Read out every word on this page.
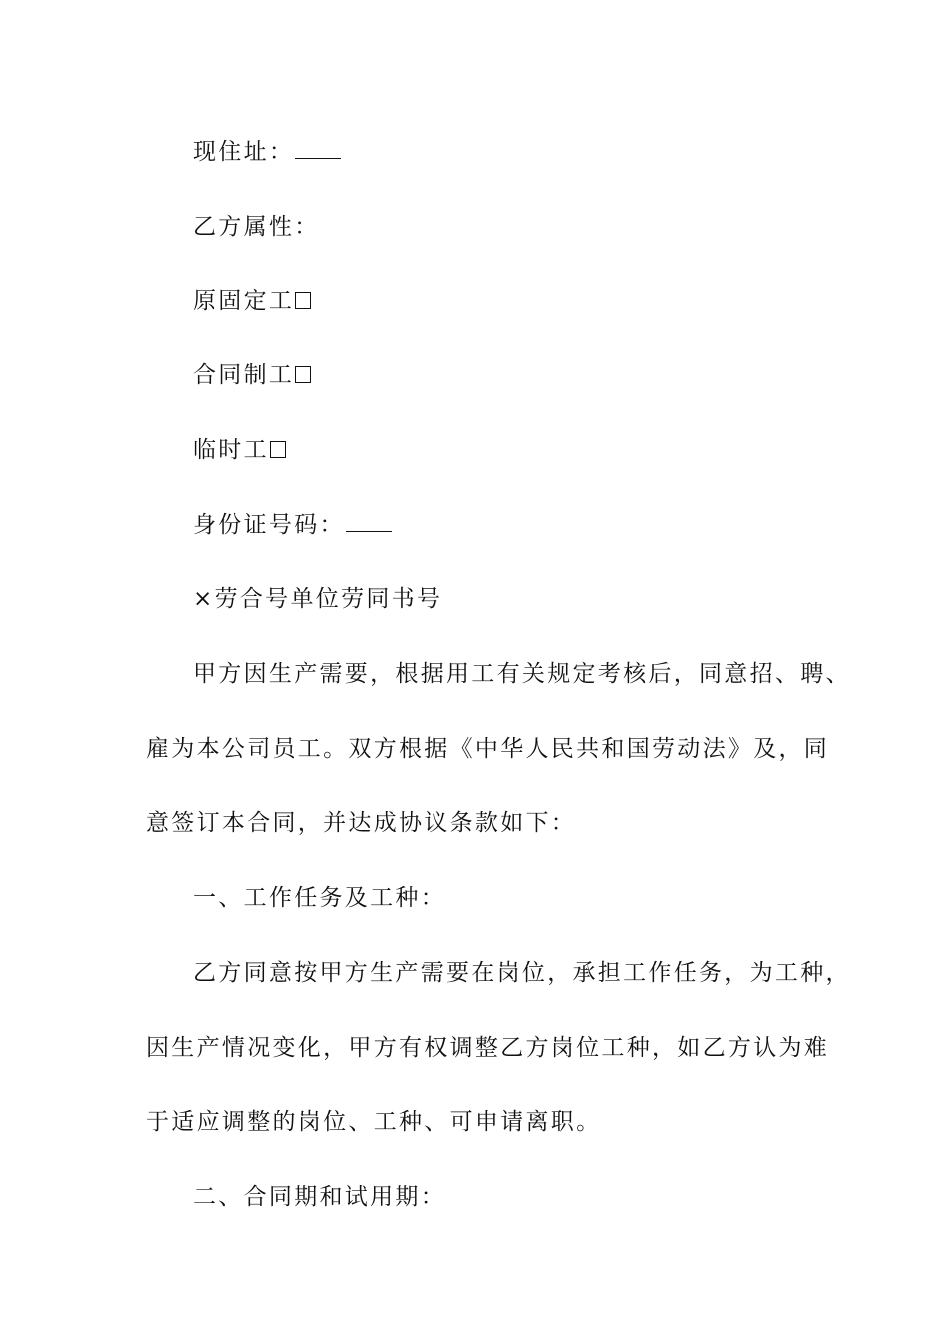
现住址：
乙方属性：
原固定工
合同制工
临时工
身份证号码：
×劳合号单位劳同书号
甲方因生产需要，根据用工有关规定考核后，同意招、聘、
雇为本公司员工。双方根据《中华人民共和国劳动法》及，同
意签订本合同，并达成协议条款如下：
一、工作任务及工种：
乙方同意按甲方生产需要在岗位，承担工作任务，为工种，
因生产情况变化，甲方有权调整乙方岗位工种，如乙方认为难
于适应调整的岗位、工种、可申请离职。
二、合同期和试用期：
